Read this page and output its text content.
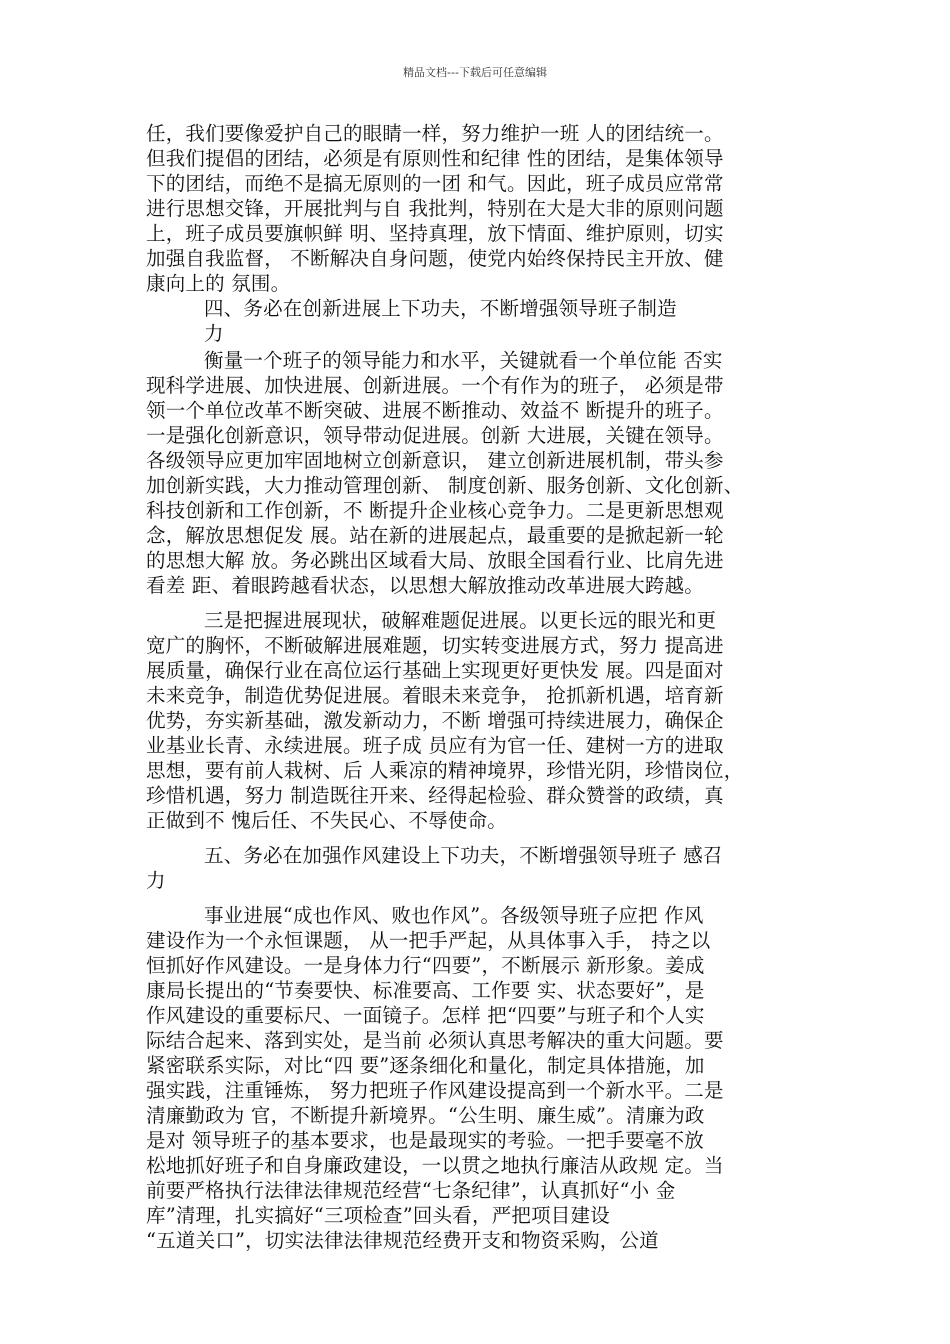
精品文档---下载后可任意编辑
任，我们要像爱护自己的眼睛一样，努力维护一班 人的团结统一。
但我们提倡的团结，必须是有原则性和纪律 性的团结，是集体领导
下的团结，而绝不是搞无原则的一团 和气。因此，班子成员应常常
进行思想交锋，开展批判与自 我批判，特别在大是大非的原则问题
上，班子成员要旗帜鲜 明、坚持真理，放下情面、维护原则，切实
加强自我监督， 不断解决自身问题，使党内始终保持民主开放、健
康向上的 氛围。
四、务必在创新进展上下功夫，不断增强领导班子制造
力
衡量一个班子的领导能力和水平，关键就看一个单位能 否实
现科学进展、加快进展、创新进展。一个有作为的班子， 必须是带
领一个单位改革不断突破、进展不断推动、效益不 断提升的班子。
一是强化创新意识，领导带动促进展。创新 大进展，关键在领导。
各级领导应更加牢固地树立创新意识， 建立创新进展机制，带头参
加创新实践，大力推动管理创新、 制度创新、服务创新、文化创新、
科技创新和工作创新，不 断提升企业核心竞争力。二是更新思想观
念，解放思想促发 展。站在新的进展起点，最重要的是掀起新一轮
的思想大解 放。务必跳出区域看大局、放眼全国看行业、比肩先进
看差 距、着眼跨越看状态，以思想大解放推动改革进展大跨越。
三是把握进展现状，破解难题促进展。以更长远的眼光和更
宽广的胸怀，不断破解进展难题，切实转变进展方式，努力 提高进
展质量，确保行业在高位运行基础上实现更好更快发 展。四是面对
未来竞争，制造优势促进展。着眼未来竞争， 抢抓新机遇，培育新
优势，夯实新基础，激发新动力，不断 增强可持续进展力，确保企
业基业长青、永续进展。班子成 员应有为官一任、建树一方的进取
思想，要有前人栽树、后 人乘凉的精神境界，珍惜光阴，珍惜岗位，
珍惜机遇，努力 制造既往开来、经得起检验、群众赞誉的政绩，真
正做到不 愧后任、不失民心、不辱使命。
五、务必在加强作风建设上下功夫，不断增强领导班子 感召
力
事业进展“成也作风、败也作风”。各级领导班子应把 作风
建设作为一个永恒课题， 从一把手严起，从具体事入手， 持之以
恒抓好作风建设。一是身体力行“四要”，不断展示 新形象。姜成
康局长提出的“节奏要快、标准要高、工作要 实、状态要好”，是
作风建设的重要标尺、一面镜子。怎样 把“四要”与班子和个人实
际结合起来、落到实处，是当前 必须认真思考解决的重大问题。要
紧密联系实际，对比“四 要”逐条细化和量化，制定具体措施，加
强实践，注重锤炼， 努力把班子作风建设提高到一个新水平。二是
清廉勤政为 官，不断提升新境界。“公生明、廉生威”。清廉为政
是对 领导班子的基本要求，也是最现实的考验。一把手要毫不放
松地抓好班子和自身廉政建设，一以贯之地执行廉洁从政规 定。当
前要严格执行法律法律规范经营“七条纪律”，认真抓好“小 金
库”清理，扎实搞好“三项检查”回头看，严把项目建设
“五道关口”，切实法律法律规范经费开支和物资采购，公道
